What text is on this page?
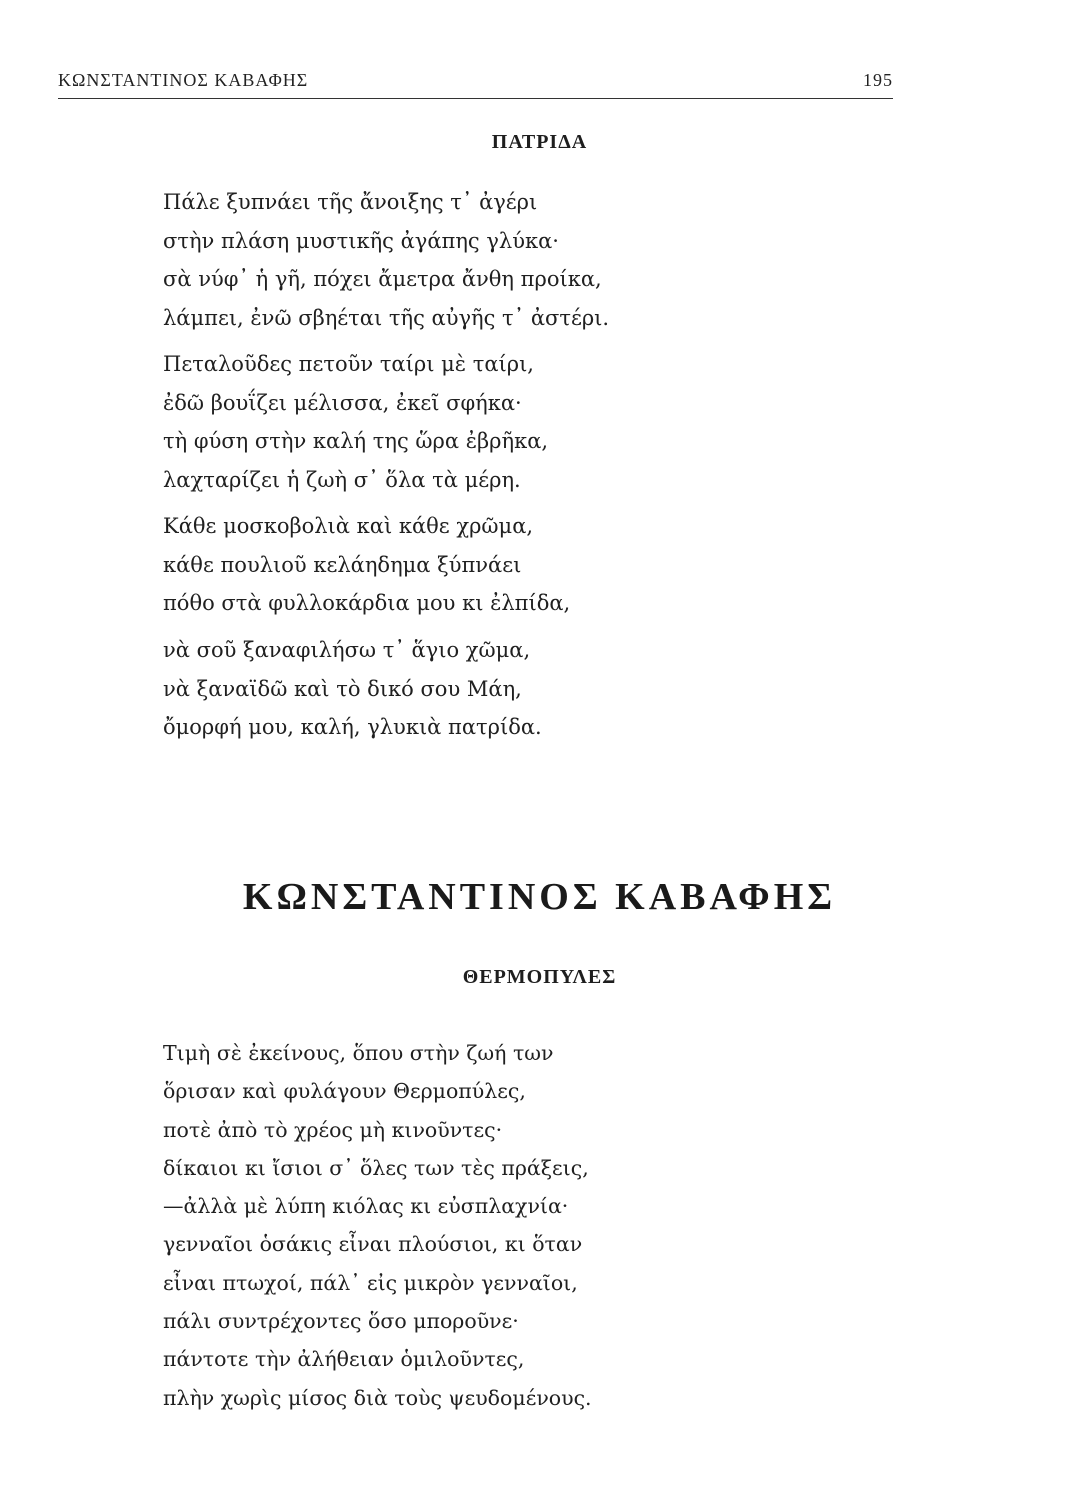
ΚΩΝΣΤΑΝΤΙΝΟΣ ΚΑΒΑΦΗΣ	195
ΠΑΤΡΙΔΑ

Πάλε ξυπνάει τῆς ἄνοιξης τ᾽ ἀγέρι
στὴν πλάση μυστικῆς ἀγάπης γλύκα·
σὰ νύφ᾽ ἡ γῆ, πόχει ἄμετρα ἄνθη προίκα,
λάμπει, ἐνῶ σβηέται τῆς αὐγῆς τ᾽ ἀστέρι.

Πεταλοῦδες πετοῦν ταίρι μὲ ταίρι,
ἐδῶ βουΐζει μέλισσα, ἐκεῖ σφήκα·
τὴ φύση στὴν καλή της ὥρα ἐβρῆκα,
λαχταρίζει ἡ ζωὴ σ᾽ ὅλα τὰ μέρη.

Κάθε μοσκοβολιὰ καὶ κάθε χρῶμα,
κάθε πουλιοῦ κελάηδημα ξύπνάει
πόθο στὰ φυλλοκάρδια μου κι ἐλπίδα,

νὰ σοῦ ξαναφιλήσω τ᾽ ἅγιο χῶμα,
νὰ ξαναϊδῶ καὶ τὸ δικό σου Μάη,
ὄμορφή μου, καλή, γλυκιὰ πατρίδα.

ΚΩΝΣΤΑΝΤΙΝΟΣ ΚΑΒΑΦΗΣ
ΘΕΡΜΟΠΥΛΕΣ

Τιμὴ σὲ ἐκείνους, ὅπου στὴν ζωή των
ὅρισαν καὶ φυλάγουν Θερμοπύλες,
ποτὲ ἀπὸ τὸ χρέος μὴ κινοῦντες·
δίκαιοι κι ἴσιοι σ᾽ ὅλες των τὲς πράξεις,
—ἀλλὰ μὲ λύπη κιόλας κι εὐσπλαχνία·
γενναῖοι ὁσάκις εἶναι πλούσιοι, κι ὅταν
εἶναι πτωχοί, πάλ᾽ εἰς μικρὸν γενναῖοι,
πάλι συντρέχοντες ὅσο μποροῦνε·
πάντοτε τὴν ἀλήθειαν ὁμιλοῦντες,
πλὴν χωρὶς μίσος διὰ τοὺς ψευδομένους.
